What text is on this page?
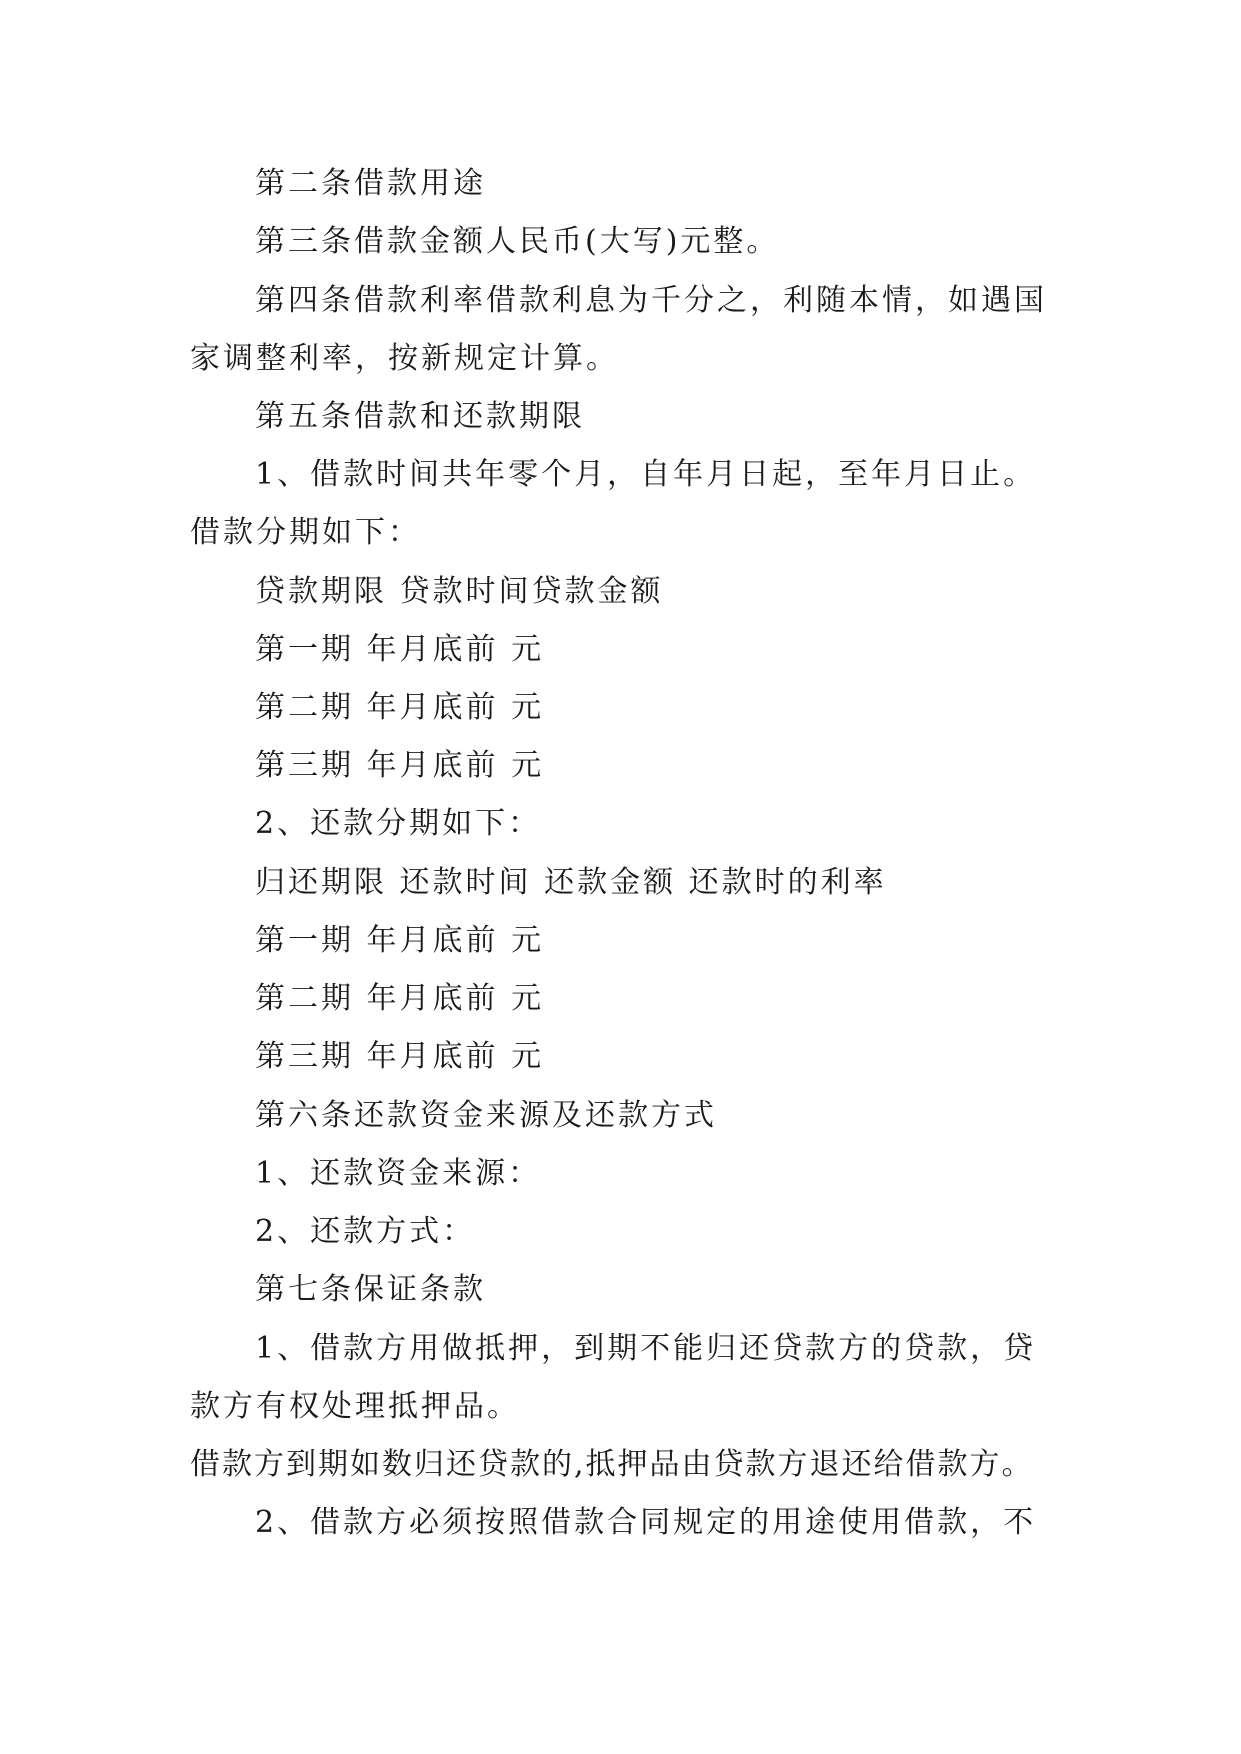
第二条借款用途
第三条借款金额人民币(大写)元整。
第四条借款利率借款利息为千分之，利随本情，如遇国
家调整利率，按新规定计算。
第五条借款和还款期限
1、借款时间共年零个月，自年月日起，至年月日止。
借款分期如下：
贷款期限 贷款时间贷款金额
第一期 年月底前 元
第二期 年月底前 元
第三期 年月底前 元
2、还款分期如下：
归还期限 还款时间 还款金额 还款时的利率
第一期 年月底前 元
第二期 年月底前 元
第三期 年月底前 元
第六条还款资金来源及还款方式
1、还款资金来源：
2、还款方式：
第七条保证条款
1、借款方用做抵押，到期不能归还贷款方的贷款，贷
款方有权处理抵押品。
借款方到期如数归还贷款的,抵押品由贷款方退还给借款方。
2、借款方必须按照借款合同规定的用途使用借款，不
